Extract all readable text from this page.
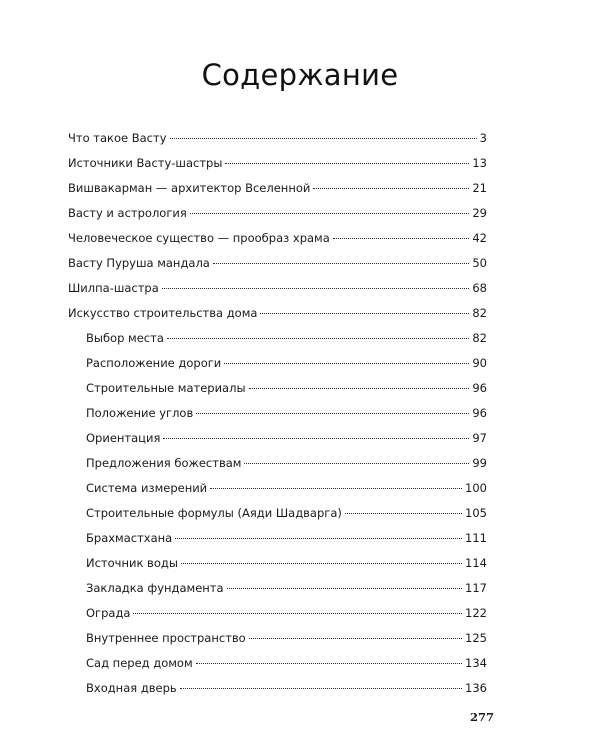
Содержание
Что такое Васту	3
Источники Васту-шастры	13
Вишвакарман — архитектор Вселенной	21
Васту и астрология	29
Человеческое существо — прообраз храма	42
Васту Пуруша мандала	50
Шилпа-шастра	68
Искусство строительства дома	82
Выбор места	82
Расположение дороги	90
Строительные материалы	96
Положение углов	96
Ориентация	97
Предложения божествам	99
Система измерений	100
Строительные формулы (Аяди Шадварга)	105
Брахмастхана	111
Источник воды	114
Закладка фундамента	117
Ограда	122
Внутреннее пространство	125
Сад перед домом	134
Входная дверь	136
277
